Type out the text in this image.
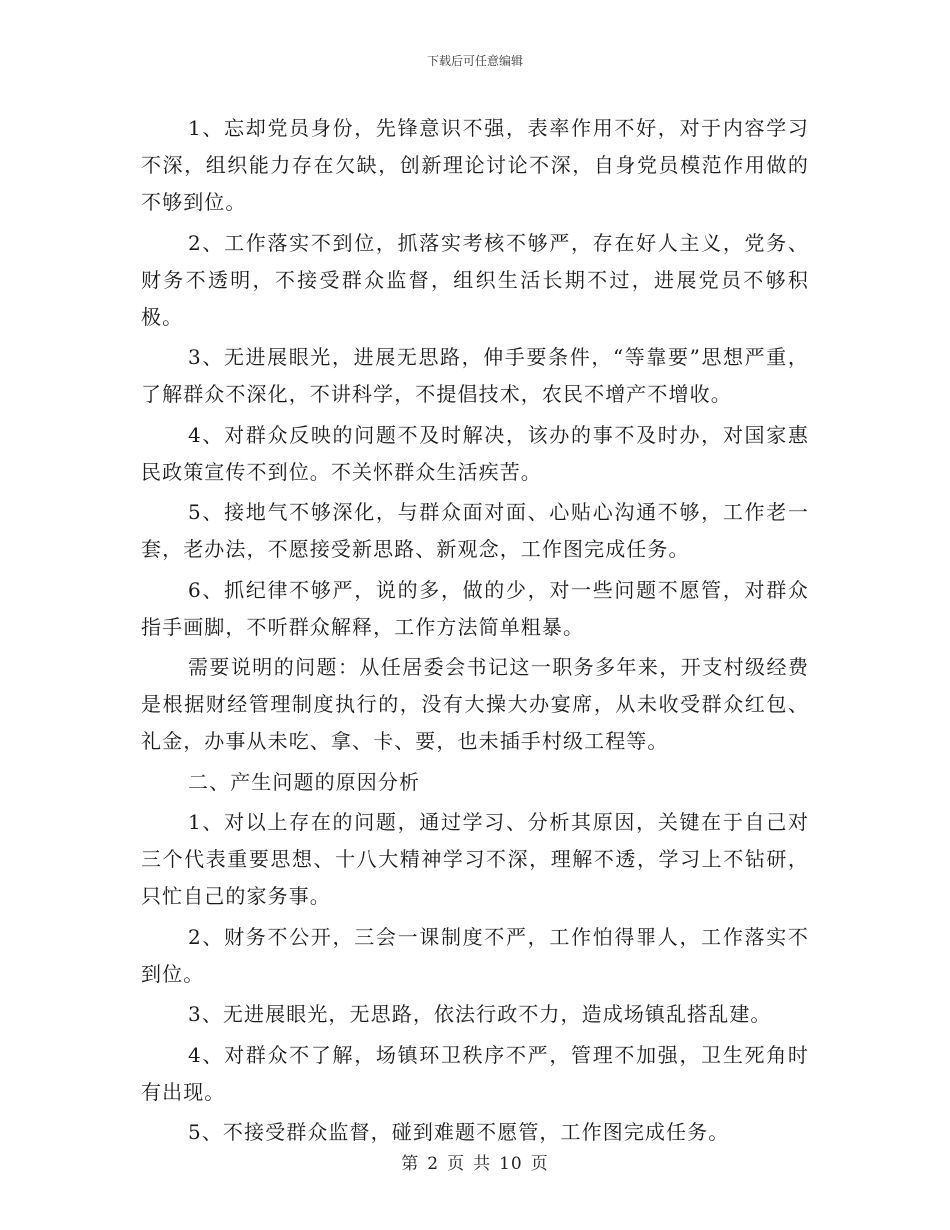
下载后可任意编辑

1、忘却党员身份，先锋意识不强，表率作用不好，对于内容学习不深，组织能力存在欠缺，创新理论讨论不深，自身党员模范作用做的不够到位。

2、工作落实不到位，抓落实考核不够严，存在好人主义，党务、财务不透明，不接受群众监督，组织生活长期不过，进展党员不够积极。

3、无进展眼光，进展无思路，伸手要条件，“等靠要”思想严重，了解群众不深化，不讲科学，不提倡技术，农民不增产不增收。

4、对群众反映的问题不及时解决，该办的事不及时办，对国家惠民政策宣传不到位。不关怀群众生活疾苦。

5、接地气不够深化，与群众面对面、心贴心沟通不够，工作老一套，老办法，不愿接受新思路、新观念，工作图完成任务。

6、抓纪律不够严，说的多，做的少，对一些问题不愿管，对群众指手画脚，不听群众解释，工作方法简单粗暴。

需要说明的问题：从任居委会书记这一职务多年来，开支村级经费是根据财经管理制度执行的，没有大操大办宴席，从未收受群众红包、礼金，办事从未吃、拿、卡、要，也未插手村级工程等。

二、产生问题的原因分析

1、对以上存在的问题，通过学习、分析其原因，关键在于自己对三个代表重要思想、十八大精神学习不深，理解不透，学习上不钻研，只忙自己的家务事。

2、财务不公开，三会一课制度不严，工作怕得罪人，工作落实不到位。

3、无进展眼光，无思路，依法行政不力，造成场镇乱搭乱建。

4、对群众不了解，场镇环卫秩序不严，管理不加强，卫生死角时有出现。

5、不接受群众监督，碰到难题不愿管，工作图完成任务。

第 2 页 共 10 页
